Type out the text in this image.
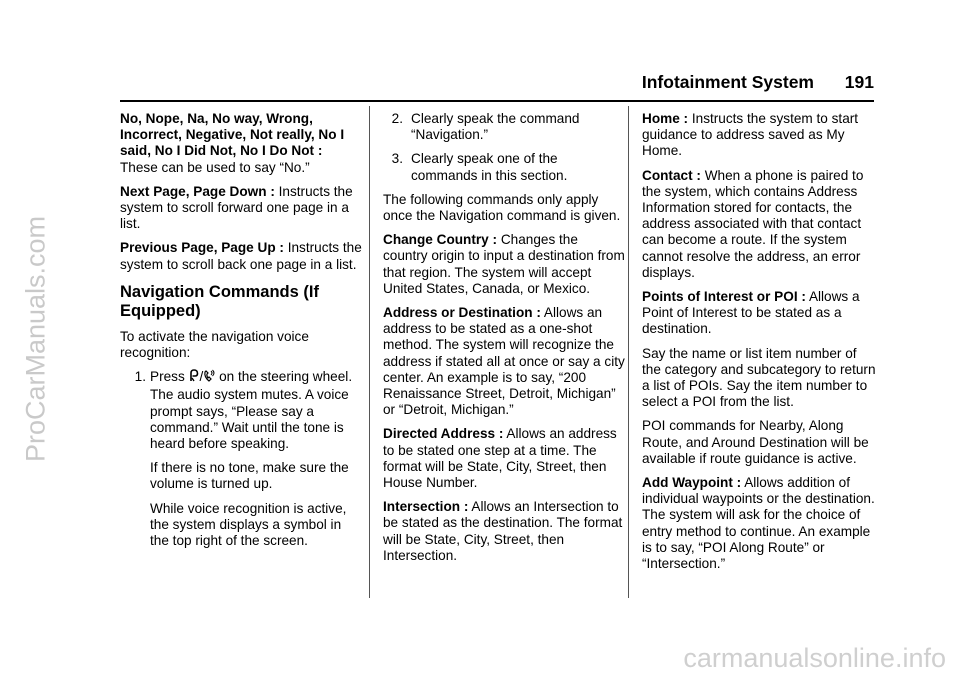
ProCarManuals.com
carmanualsonline.info
Infotainment System 191

No, Nope, Na, No way, Wrong, Incorrect, Negative, Not really, No I said, No I Did Not, No I Do Not : These can be used to say “No.”

Next Page, Page Down : Instructs the system to scroll forward one page in a list.

Previous Page, Page Up : Instructs the system to scroll back one page in a list.

Navigation Commands (If Equipped)

To activate the navigation voice recognition:

1. Press / on the steering wheel. The audio system mutes. A voice prompt says, “Please say a command.” Wait until the tone is heard before speaking.

If there is no tone, make sure the volume is turned up.

While voice recognition is active, the system displays a symbol in the top right of the screen.

2. Clearly speak the command “Navigation.”
3. Clearly speak one of the commands in this section.

The following commands only apply once the Navigation command is given.

Change Country : Changes the country origin to input a destination from that region. The system will accept United States, Canada, or Mexico.

Address or Destination : Allows an address to be stated as a one-shot method. The system will recognize the address if stated all at once or say a city center. An example is to say, “200 Renaissance Street, Detroit, Michigan” or “Detroit, Michigan.”

Directed Address : Allows an address to be stated one step at a time. The format will be State, City, Street, then House Number.

Intersection : Allows an Intersection to be stated as the destination. The format will be State, City, Street, then Intersection.

Home : Instructs the system to start guidance to address saved as My Home.

Contact : When a phone is paired to the system, which contains Address Information stored for contacts, the address associated with that contact can become a route. If the system cannot resolve the address, an error displays.

Points of Interest or POI : Allows a Point of Interest to be stated as a destination.

Say the name or list item number of the category and subcategory to return a list of POIs. Say the item number to select a POI from the list.

POI commands for Nearby, Along Route, and Around Destination will be available if route guidance is active.

Add Waypoint : Allows addition of individual waypoints or the destination. The system will ask for the choice of entry method to continue. An example is to say, “POI Along Route” or “Intersection.”
